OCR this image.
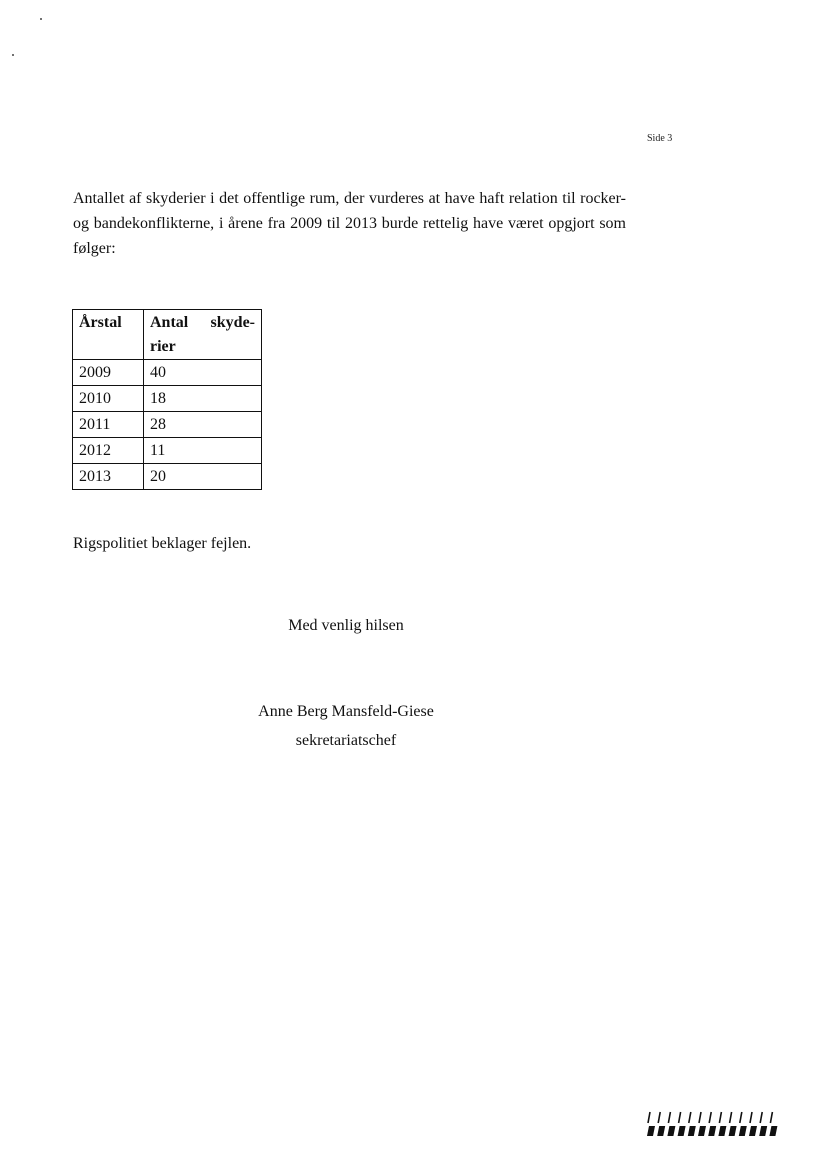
Side 3

Antallet af skyderier i det offentlige rum, der vurderes at have haft relation til rocker- og bandekonflikterne, i årene fra 2009 til 2013 burde rettelig have været opgjort som følger:

Årstal	Antal skyde-rier
2009	40
2010	18
2011	28
2012	11
2013	20

Rigspolitiet beklager fejlen.

Med venlig hilsen

Anne Berg Mansfeld-Giese

sekretariatschef
